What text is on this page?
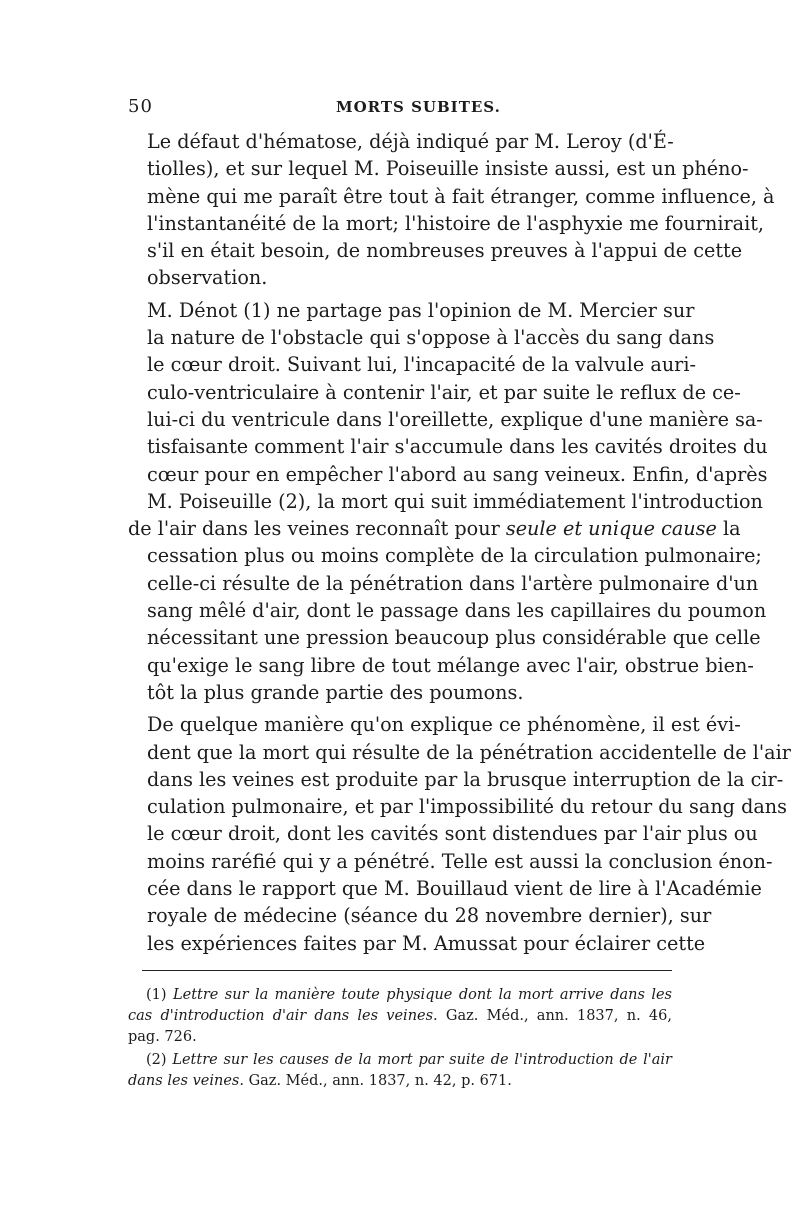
50	MORTS SUBITES.

Le défaut d'hématose, déjà indiqué par M. Leroy (d'É-
tiolles), et sur lequel M. Poiseuille insiste aussi, est un phéno-
mène qui me paraît être tout à fait étranger, comme influence, à
l'instantanéité de la mort; l'histoire de l'asphyxie me fournirait,
s'il en était besoin, de nombreuses preuves à l'appui de cette
observation.

M. Dénot (1) ne partage pas l'opinion de M. Mercier sur
la nature de l'obstacle qui s'oppose à l'accès du sang dans
le cœur droit. Suivant lui, l'incapacité de la valvule auri-
culo-ventriculaire à contenir l'air, et par suite le reflux de ce-
lui-ci du ventricule dans l'oreillette, explique d'une manière sa-
tisfaisante comment l'air s'accumule dans les cavités droites du
cœur pour en empêcher l'abord au sang veineux. Enfin, d'après
M. Poiseuille (2), la mort qui suit immédiatement l'introduction
de l'air dans les veines reconnaît pour seule et unique cause la
cessation plus ou moins complète de la circulation pulmonaire;
celle-ci résulte de la pénétration dans l'artère pulmonaire d'un
sang mêlé d'air, dont le passage dans les capillaires du poumon
nécessitant une pression beaucoup plus considérable que celle
qu'exige le sang libre de tout mélange avec l'air, obstrue bien-
tôt la plus grande partie des poumons.

De quelque manière qu'on explique ce phénomène, il est évi-
dent que la mort qui résulte de la pénétration accidentelle de l'air
dans les veines est produite par la brusque interruption de la cir-
culation pulmonaire, et par l'impossibilité du retour du sang dans
le cœur droit, dont les cavités sont distendues par l'air plus ou
moins raréfié qui y a pénétré. Telle est aussi la conclusion énon-
cée dans le rapport que M. Bouillaud vient de lire à l'Académie
royale de médecine (séance du 28 novembre dernier), sur
les expériences faites par M. Amussat pour éclairer cette

(1) Lettre sur la manière toute physique dont la mort arrive dans les
cas d'introduction d'air dans les veines. Gaz. Méd., ann. 1837, n. 46,
pag. 726.
(2) Lettre sur les causes de la mort par suite de l'introduction de l'air
dans les veines. Gaz. Méd., ann. 1837, n. 42, p. 671.
